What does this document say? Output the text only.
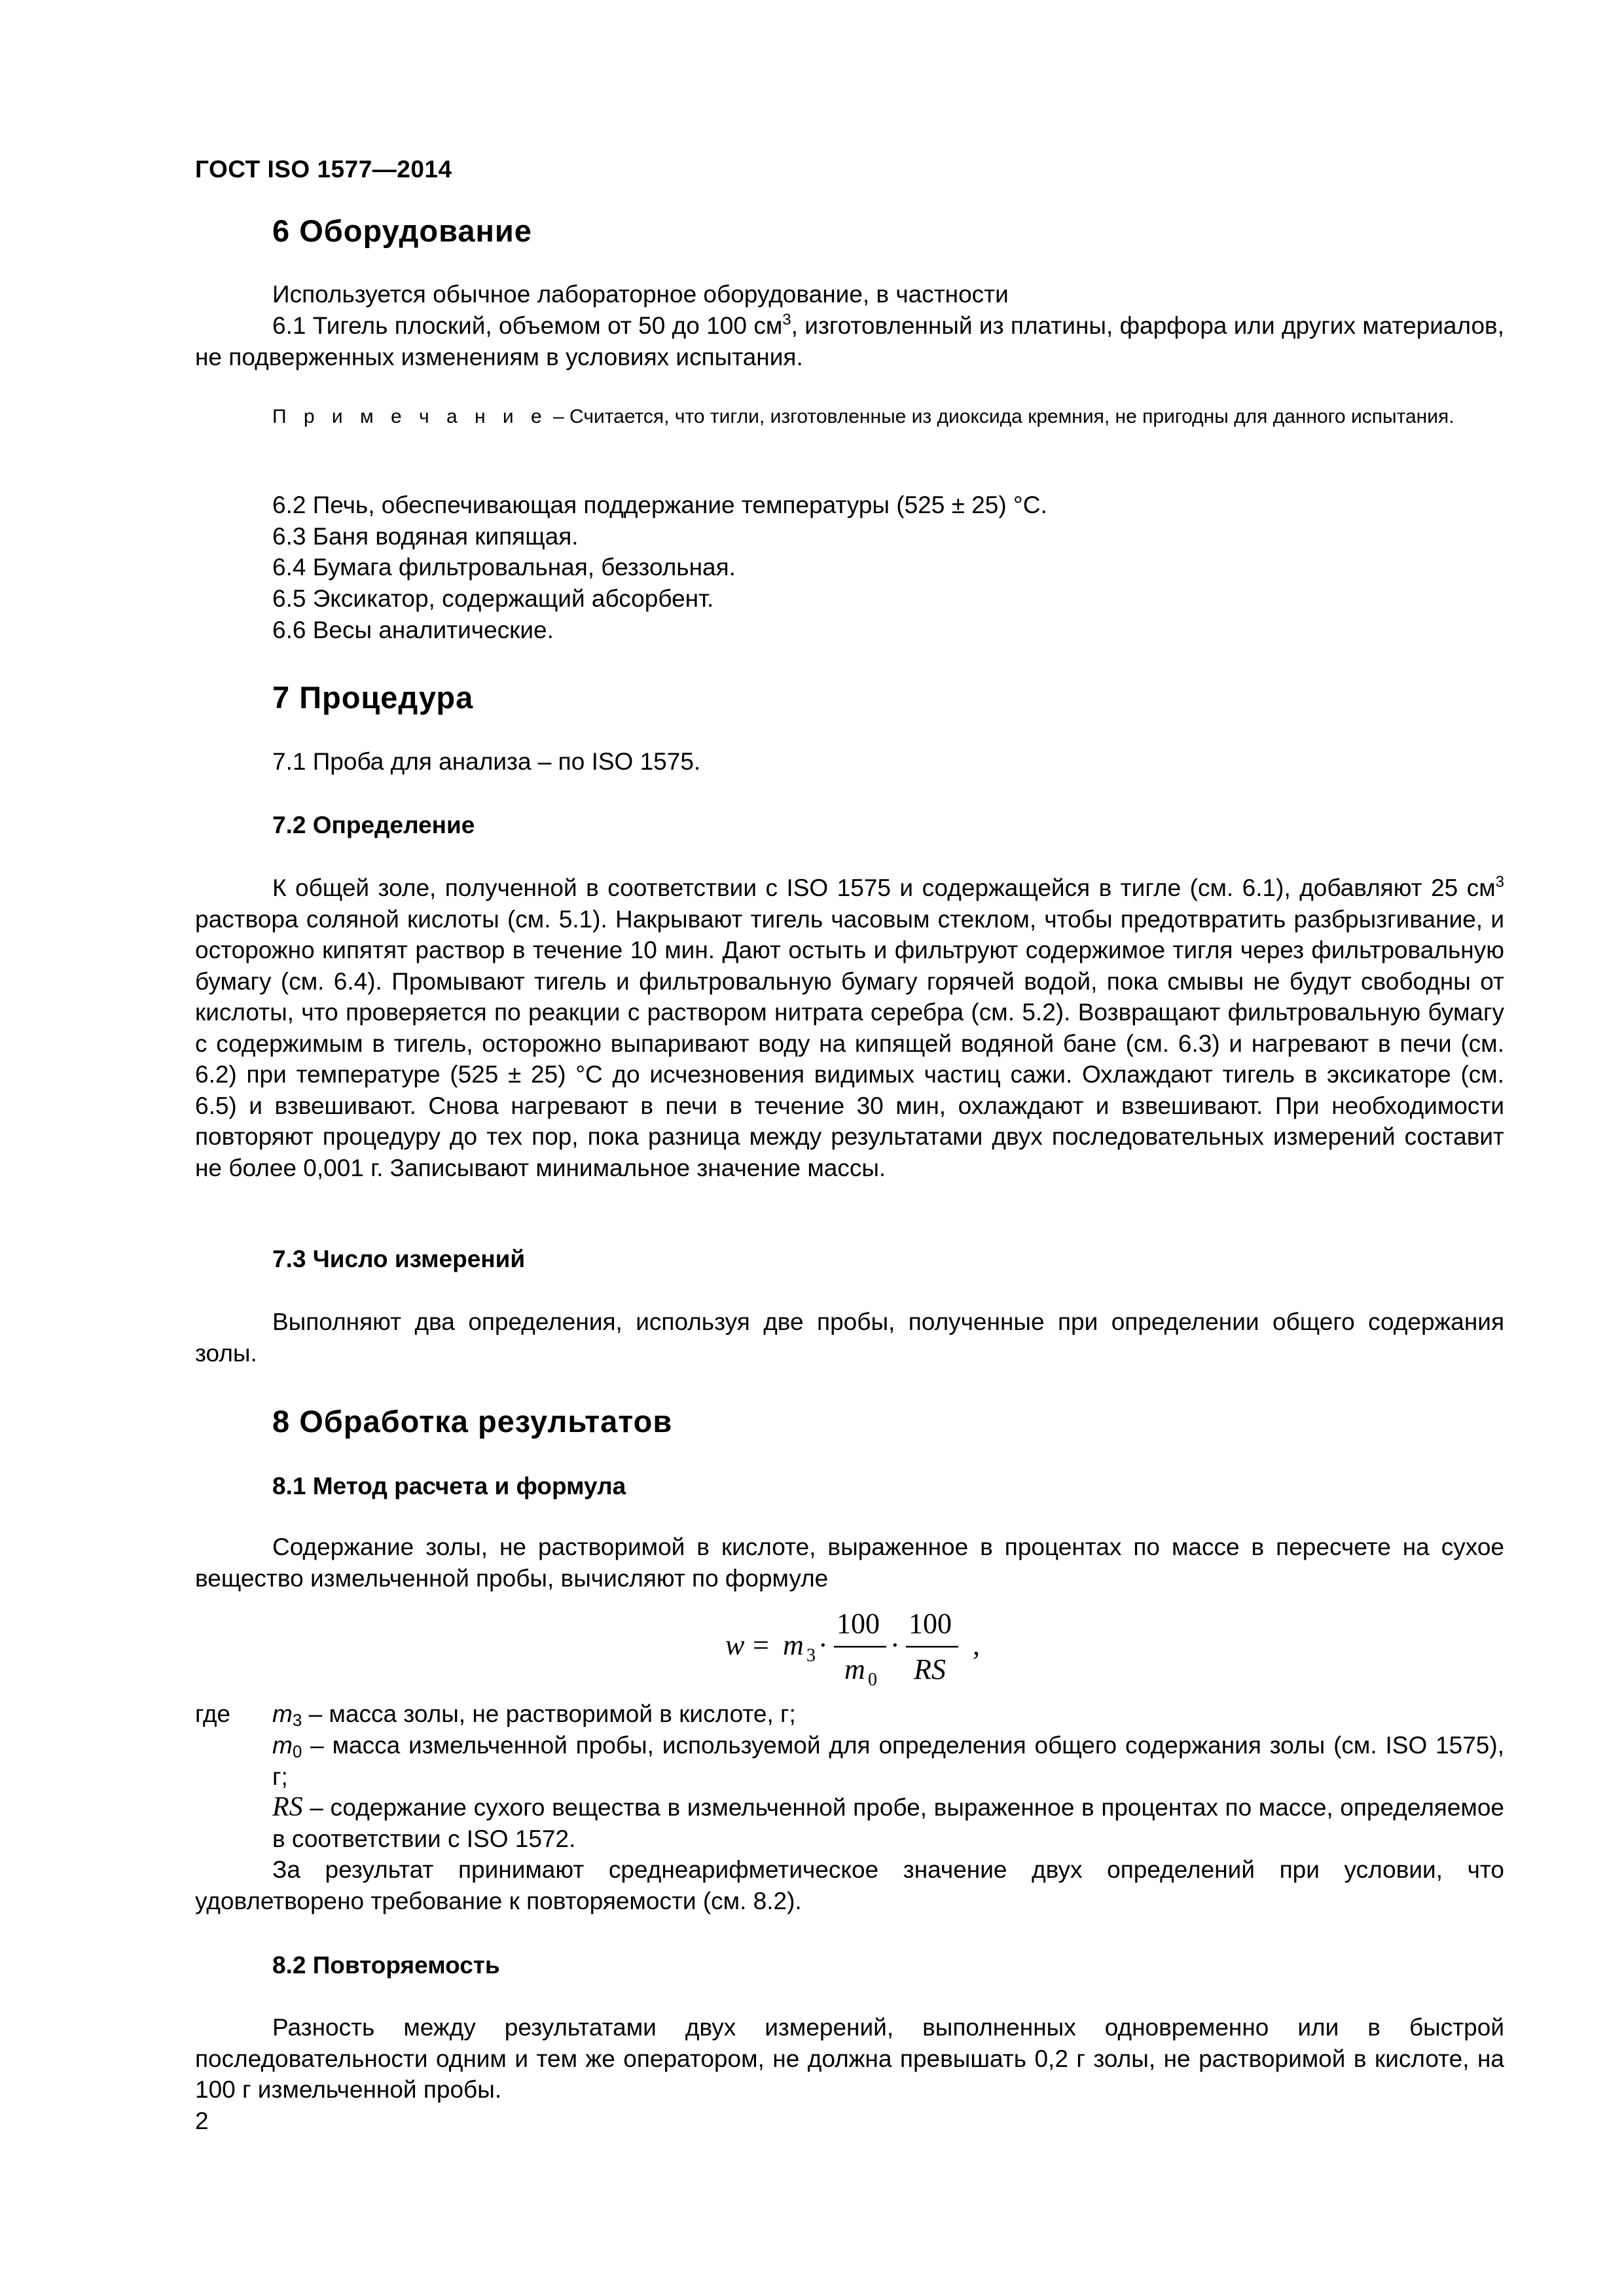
ГОСТ ISO 1577—2014
6 Оборудование
Используется обычное лабораторное оборудование, в частности
6.1 Тигель плоский, объемом от 50 до 100 $см^3$, изготовленный из платины, фарфора или других материалов, не подверженных изменениям в условиях испытания.
П р и м е ч а н и е – Считается, что тигли, изготовленные из диоксида кремния, не пригодны для данного испытания.
6.2 Печь, обеспечивающая поддержание температуры (525 ± 25) °С.
6.3 Баня водяная кипящая.
6.4 Бумага фильтровальная, беззольная.
6.5 Эксикатор, содержащий абсорбент.
6.6 Весы аналитические.
7 Процедура
7.1 Проба для анализа – по ISO 1575.
7.2 Определение
К общей золе, полученной в соответствии с ISO 1575 и содержащейся в тигле (см. 6.1), добавляют 25 $см^3$ раствора соляной кислоты (см. 5.1). Накрывают тигель часовым стеклом, чтобы предотвратить разбрызгивание, и осторожно кипятят раствор в течение 10 мин. Дают остыть и фильтруют содержимое тигля через фильтровальную бумагу (см. 6.4). Промывают тигель и фильтровальную бумагу горячей водой, пока смывы не будут свободны от кислоты, что проверяется по реакции с раствором нитрата серебра (см. 5.2). Возвращают фильтровальную бумагу с содержимым в тигель, осторожно выпаривают воду на кипящей водяной бане (см. 6.3) и нагревают в печи (см. 6.2) при температуре (525 ± 25) °С до исчезновения видимых частиц сажи. Охлаждают тигель в эксикаторе (см. 6.5) и взвешивают. Снова нагревают в печи в течение 30 мин, охлаждают и взвешивают. При необходимости повторяют процедуру до тех пор, пока разница между результатами двух последовательных измерений составит не более 0,001 г. Записывают минимальное значение массы.
7.3 Число измерений
Выполняют два определения, используя две пробы, полученные при определении общего содержания золы.
8 Обработка результатов
8.1 Метод расчета и формула
Содержание золы, не растворимой в кислоте, выраженное в процентах по массе в пересчете на сухое вещество измельченной пробы, вычисляют по формуле
w = m 3 ·
100
m 0
·
100
RS
,
где $m_3$ – масса золы, не растворимой в кислоте, г;
$m_0$ – масса измельченной пробы, используемой для определения общего содержания золы (см. ISO 1575), г;
RS – содержание сухого вещества в измельченной пробе, выраженное в процентах по массе, определяемое в соответствии с ISO 1572.
За результат принимают среднеарифметическое значение двух определений при условии, что удовлетворено требование к повторяемости (см. 8.2).
8.2 Повторяемость
Разность между результатами двух измерений, выполненных одновременно или в быстрой последовательности одним и тем же оператором, не должна превышать 0,2 г золы, не растворимой в кислоте, на 100 г измельченной пробы.
2
